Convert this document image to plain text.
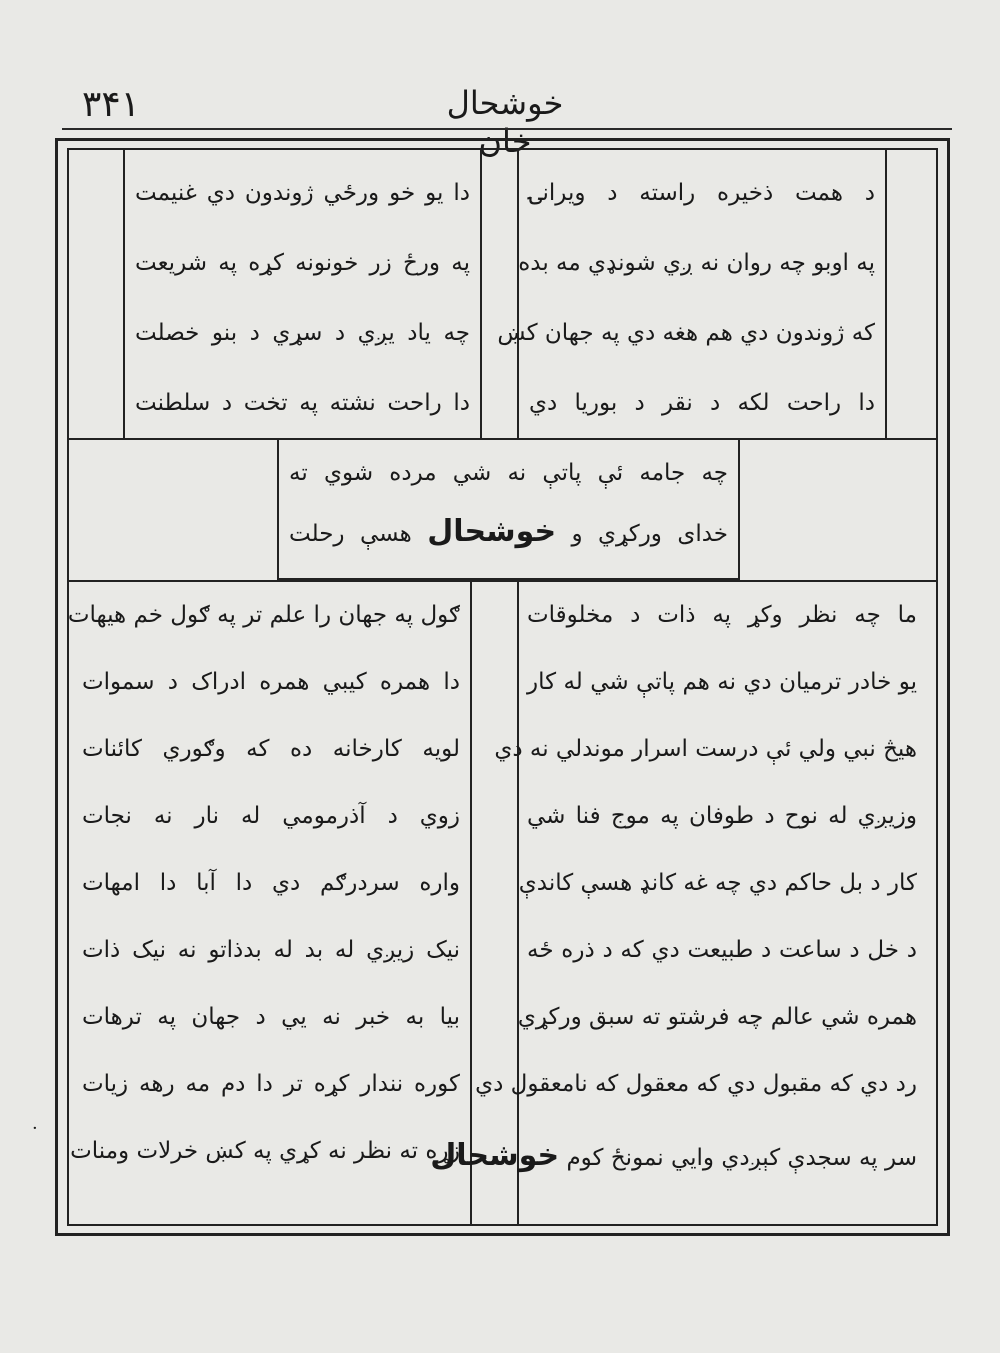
۳۴۱	خوشحال خان
د همت ذخیره راسته د ویرانۍ
په اوبو چه روان نه ږي شونډي مه بده
که ژوندون دي هم هغه دي په جهان کښ
دا راحت لکه د نقر د بوریا دي
دا یو خو ورځي ژوندون دي غنیمت
په ورځ زر خونونه کړه په شریعت
چه یاد یږي د سړي د بنو خصلت
دا راحت نشته په تخت د سلطنت
چه جامه ئې پاتې نه شي مرده شوي ته
خدای ورکړي و خوشحال هسې رحلت
ما چه نظر وکړ په ذات د مخلوقات
یو خادر ترمیان دي نه هم پاتې شي له کار
هیڅ نبي ولي ئې درست اسرار موندلي نه دي
وزیږي له نوح د طوفان په موج فنا شي
کار د بل حاکم دي چه غه کانډ هسې کاندې
د خل د ساعت د طبیعت دي که د ذره ځه
همره شي عالم چه فرشتو ته سبق ورکړي
رد دي که مقبول دي که معقول که نامعقول دي
سر په سجدې کېږدي وایي نمونځ کوم خوشحال
ګول په جهان را علم تر په ګول خم هیهات
دا همره کیبي همره ادراک د سموات
لویه کارخانه ده که وګوري کائنات
زوي د آذرمومي له نار نه نجات
واره سردرګم دي دا آبا دا امهات
نیک زیږي له بد له بدذاتو نه نیک ذات
بیا به خبر نه یي د جهان په ترهات
کوره نندار کړه تر دا دم مه رهه زیات
زړه ته نظر نه کړي په کښ خرلات ومنات
·
